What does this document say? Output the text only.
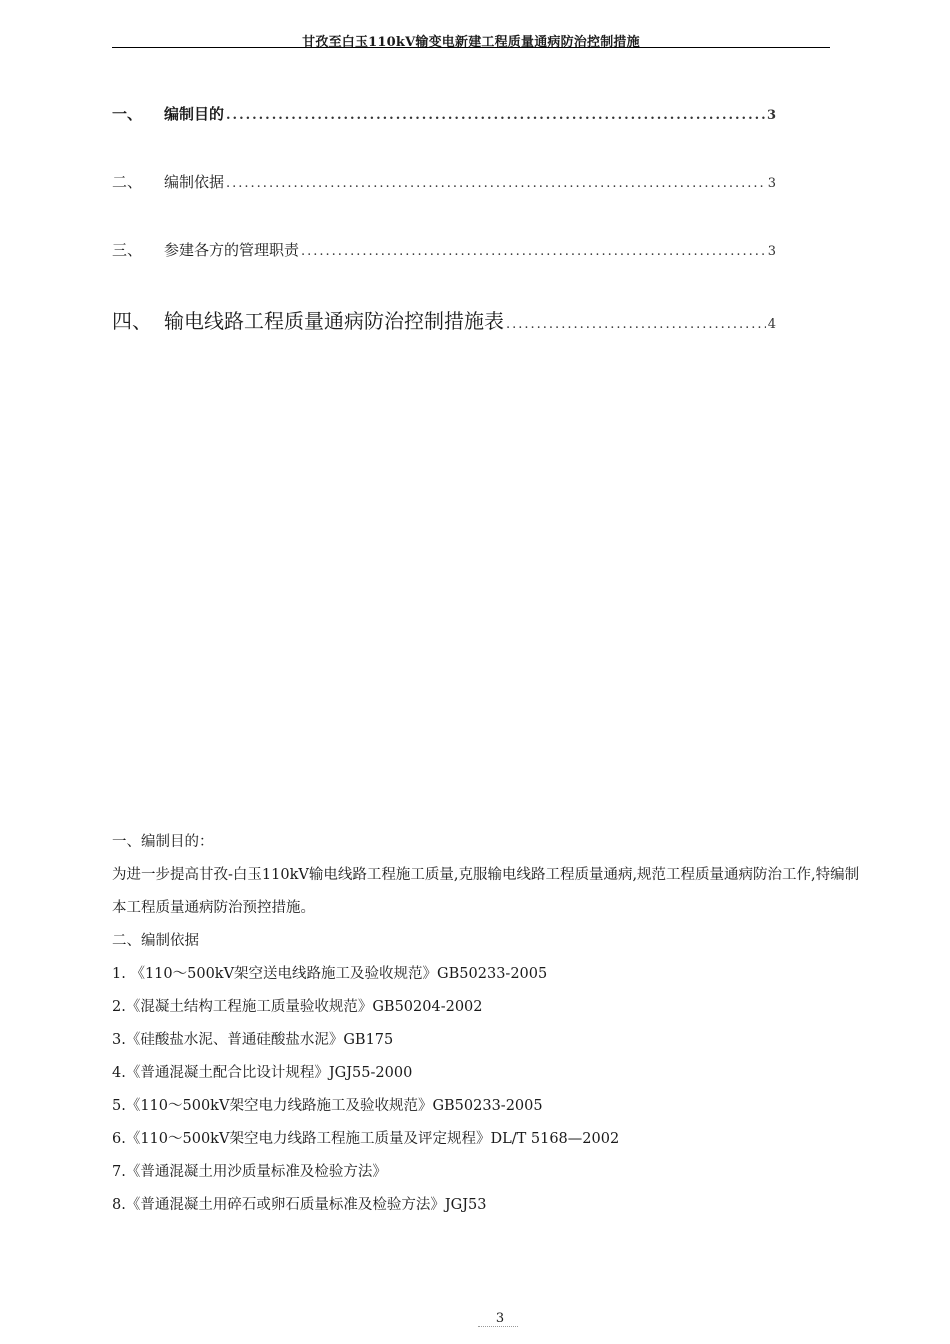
甘孜至白玉110kV输变电新建工程质量通病防治控制措施
一、	编制目的 .....	3
二、	编制依据 .....	3
三、	参建各方的管理职责 .....	3
四、 输电线路工程质量通病防治控制措施表 .....	4

一、编制目的：

为进一步提高甘孜-白玉110kV输电线路工程施工质量,克服输电线路工程质量通病,规范工程质量通病防治工作,特编制本工程质量通病防治预控措施。

二、编制依据

1. 《110～500kV架空送电线路施工及验收规范》GB50233-2005
2.《混凝土结构工程施工质量验收规范》GB50204-2002
3.《硅酸盐水泥、普通硅酸盐水泥》GB175
4.《普通混凝土配合比设计规程》JGJ55-2000
5.《110～500kV架空电力线路施工及验收规范》GB50233-2005
6.《110～500kV架空电力线路工程施工质量及评定规程》DL/T 5168—2002
7.《普通混凝土用沙质量标准及检验方法》
8.《普通混凝土用碎石或卵石质量标准及检验方法》JGJ53
3
